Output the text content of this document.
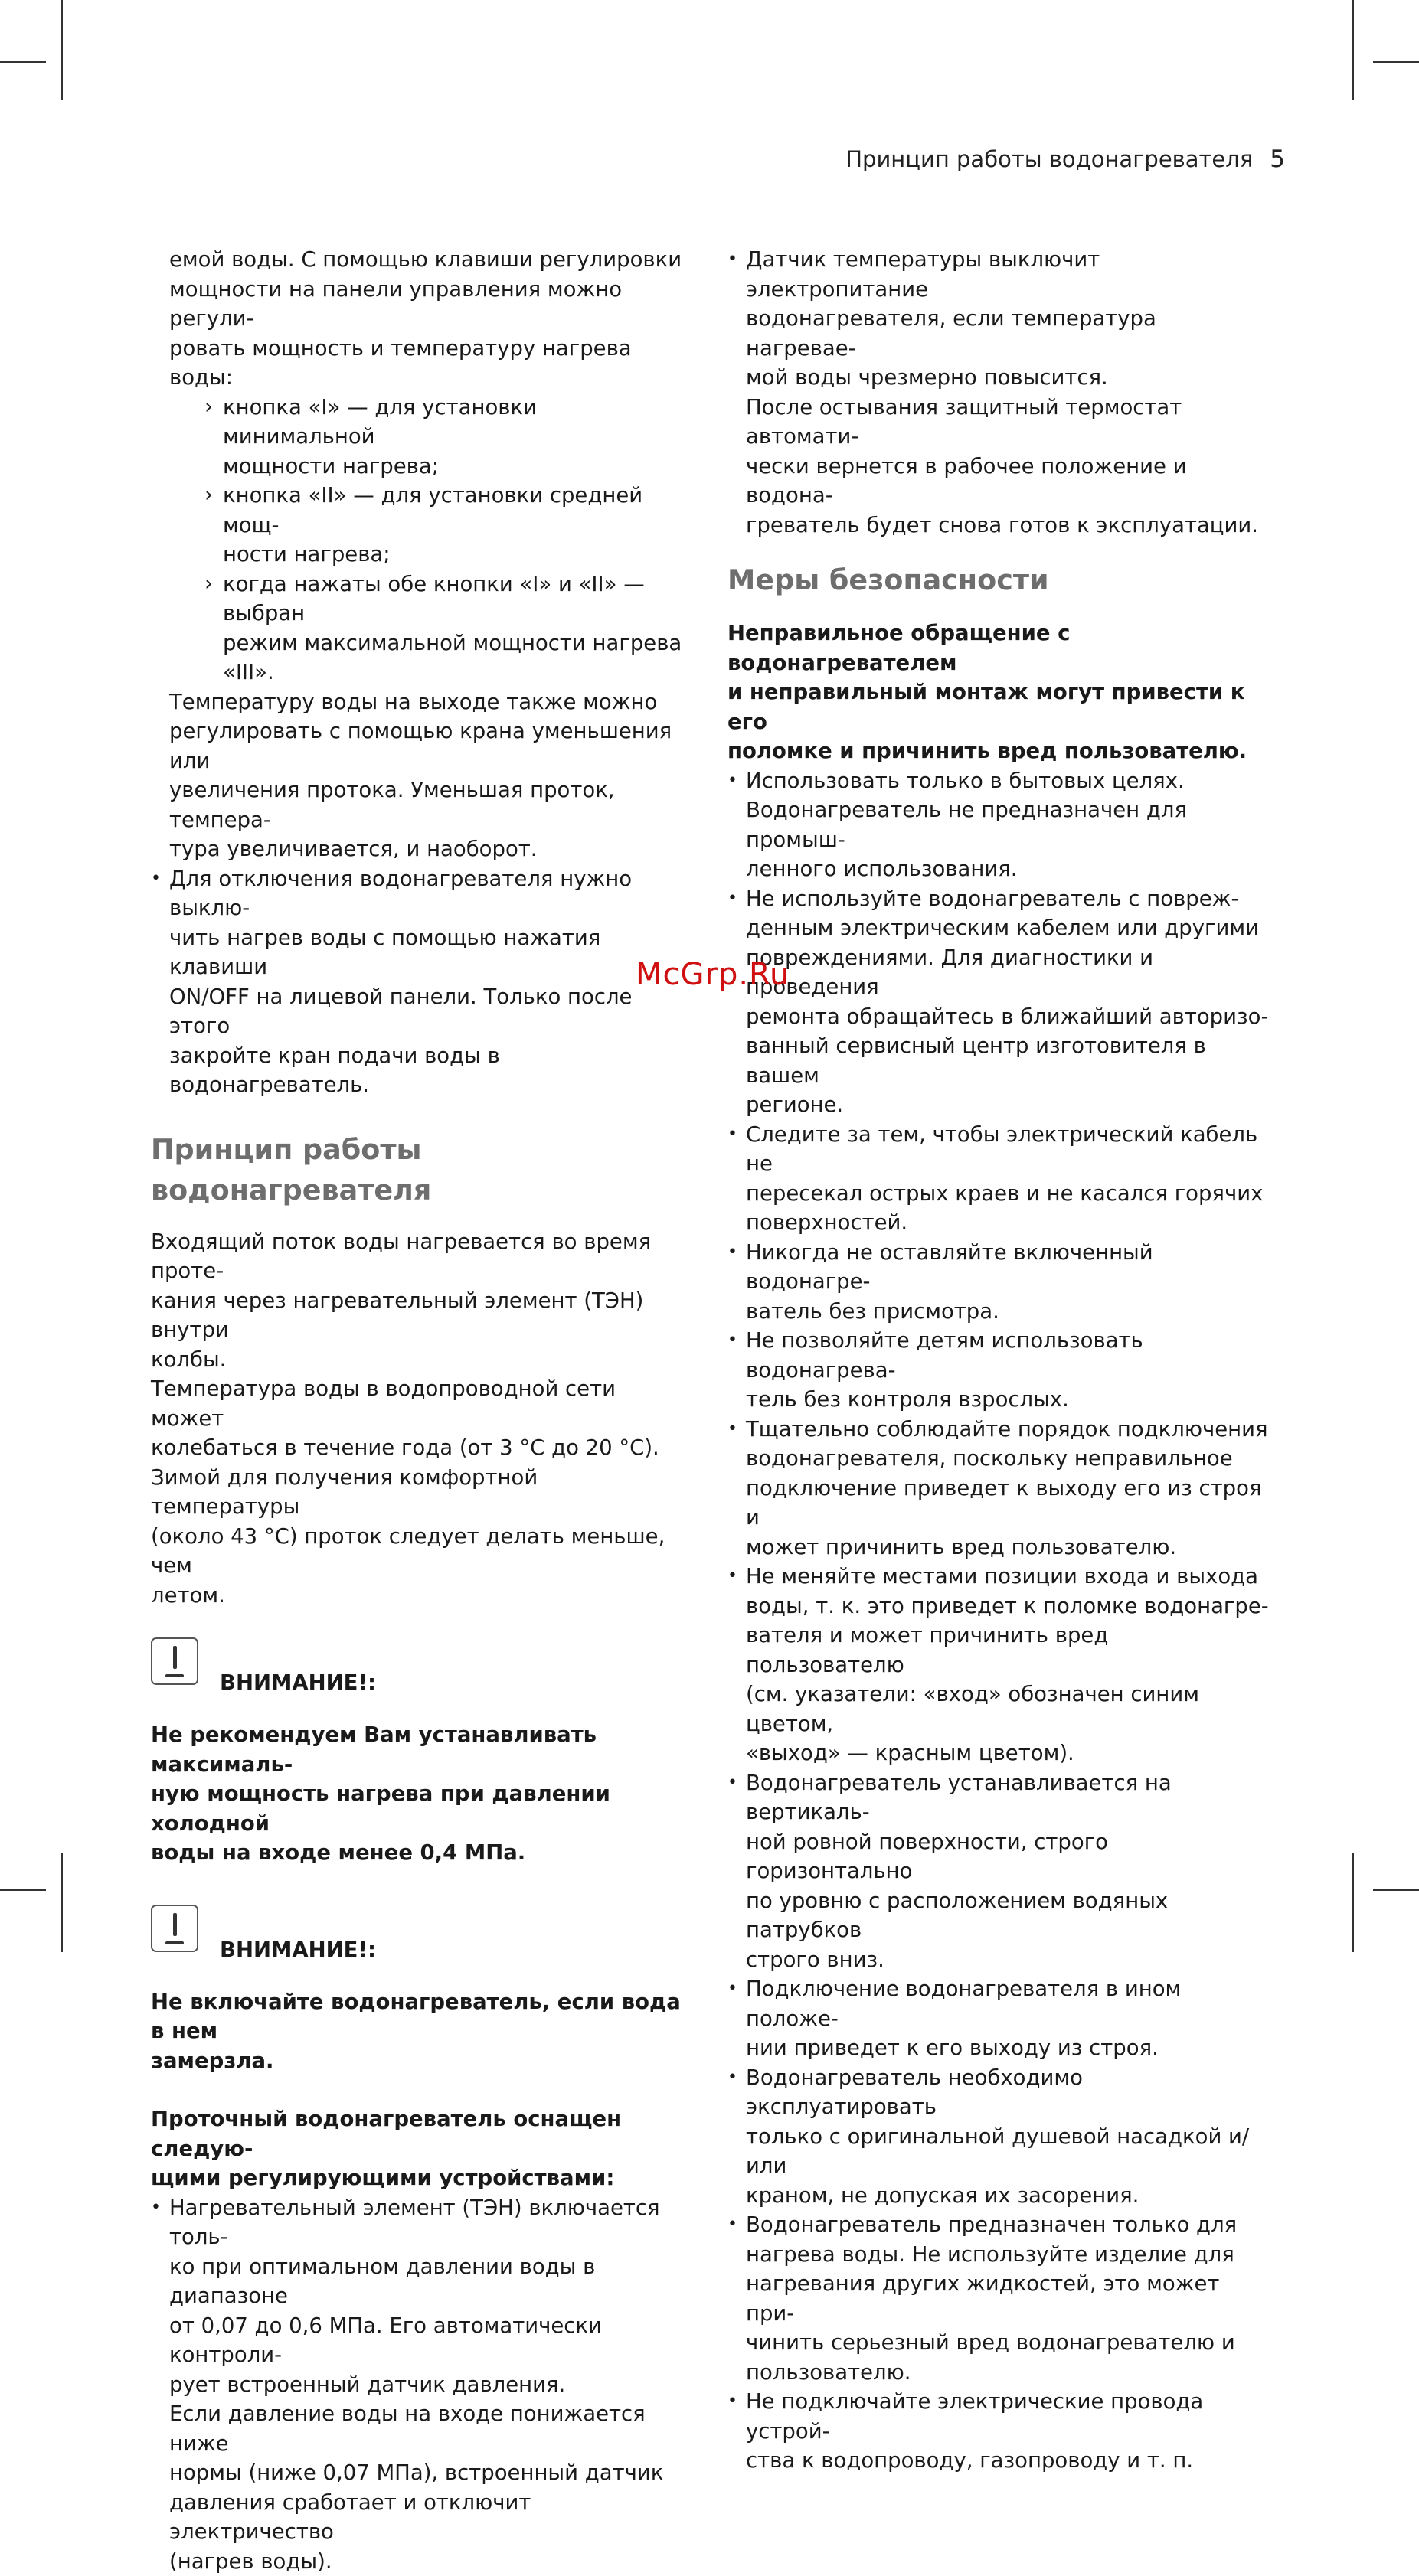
Принцип работы водонагревателя 5
емой воды. С помощью клавиши регулировки
мощности на панели управления можно регули-
ровать мощность и температуру нагрева воды:
› кнопка «I» — для установки минимальной
мощности нагрева;
› кнопка «II» — для установки средней мощ-
ности нагрева;
› когда нажаты обе кнопки «I» и «II» — выбран
режим максимальной мощности нагрева «III».
Температуру воды на выходе также можно
регулировать с помощью крана уменьшения или
увеличения протока. Уменьшая проток, темпера-
тура увеличивается, и наоборот.
• Для отключения водонагревателя нужно выклю-
чить нагрев воды с помощью нажатия клавиши
ON/OFF на лицевой панели. Только после этого
закройте кран подачи воды в водонагреватель.
Принцип работы
водонагревателя
Входящий поток воды нагревается во время проте-
кания через нагревательный элемент (ТЭН) внутри
колбы.
Температура воды в водопроводной сети может
колебаться в течение года (от 3 °С до 20 °С).
Зимой для получения комфортной температуры
(около 43 °С) проток следует делать меньше, чем
летом.
ВНИМАНИЕ!:
Не рекомендуем Вам устанавливать максималь-
ную мощность нагрева при давлении холодной
воды на входе менее 0,4 МПа.
ВНИМАНИЕ!:
Не включайте водонагреватель, если вода в нем
замерзла.
Проточный водонагреватель оснащен следую-
щими регулирующими устройствами:
• Нагревательный элемент (ТЭН) включается толь-
ко при оптимальном давлении воды в диапазоне
от 0,07 до 0,6 МПа. Его автоматически контроли-
рует встроенный датчик давления.
Если давление воды на входе понижается ниже
нормы (ниже 0,07 МПа), встроенный датчик
давления сработает и отключит электричество
(нагрев воды).
• Датчик температуры выключит электропитание
водонагревателя, если температура нагревае-
мой воды чрезмерно повысится.
После остывания защитный термостат автомати-
чески вернется в рабочее положение и водона-
греватель будет снова готов к эксплуатации.
Меры безопасности
Неправильное обращение с водонагревателем
и неправильный монтаж могут привести к его
поломке и причинить вред пользователю.
• Использовать только в бытовых целях.
Водонагреватель не предназначен для промыш-
ленного использования.
• Не используйте водонагреватель с повреж-
денным электрическим кабелем или другими
повреждениями. Для диагностики и проведения
ремонта обращайтесь в ближайший авторизо-
ванный сервисный центр изготовителя в вашем
регионе.
• Следите за тем, чтобы электрический кабель не
пересекал острых краев и не касался горячих
поверхностей.
• Никогда не оставляйте включенный водонагре-
ватель без присмотра.
• Не позволяйте детям использовать водонагрева-
тель без контроля взрослых.
• Тщательно соблюдайте порядок подключения
водонагревателя, поскольку неправильное
подключение приведет к выходу его из строя и
может причинить вред пользователю.
• Не меняйте местами позиции входа и выхода
воды, т. к. это приведет к поломке водонагре-
вателя и может причинить вред пользователю
(см. указатели: «вход» обозначен синим цветом,
«выход» — красным цветом).
• Водонагреватель устанавливается на вертикаль-
ной ровной поверхности, строго горизонтально
по уровню с расположением водяных патрубков
строго вниз.
• Подключение водонагревателя в ином положе-
нии приведет к его выходу из строя.
• Водонагреватель необходимо эксплуатировать
только с оригинальной душевой насадкой и/или
краном, не допуская их засорения.
• Водонагреватель предназначен только для
нагрева воды. Не используйте изделие для
нагревания других жидкостей, это может при-
чинить серьезный вред водонагревателю и
пользователю.
• Не подключайте электрические провода устрой-
ства к водопроводу, газопроводу и т. п.
McGrp.Ru
